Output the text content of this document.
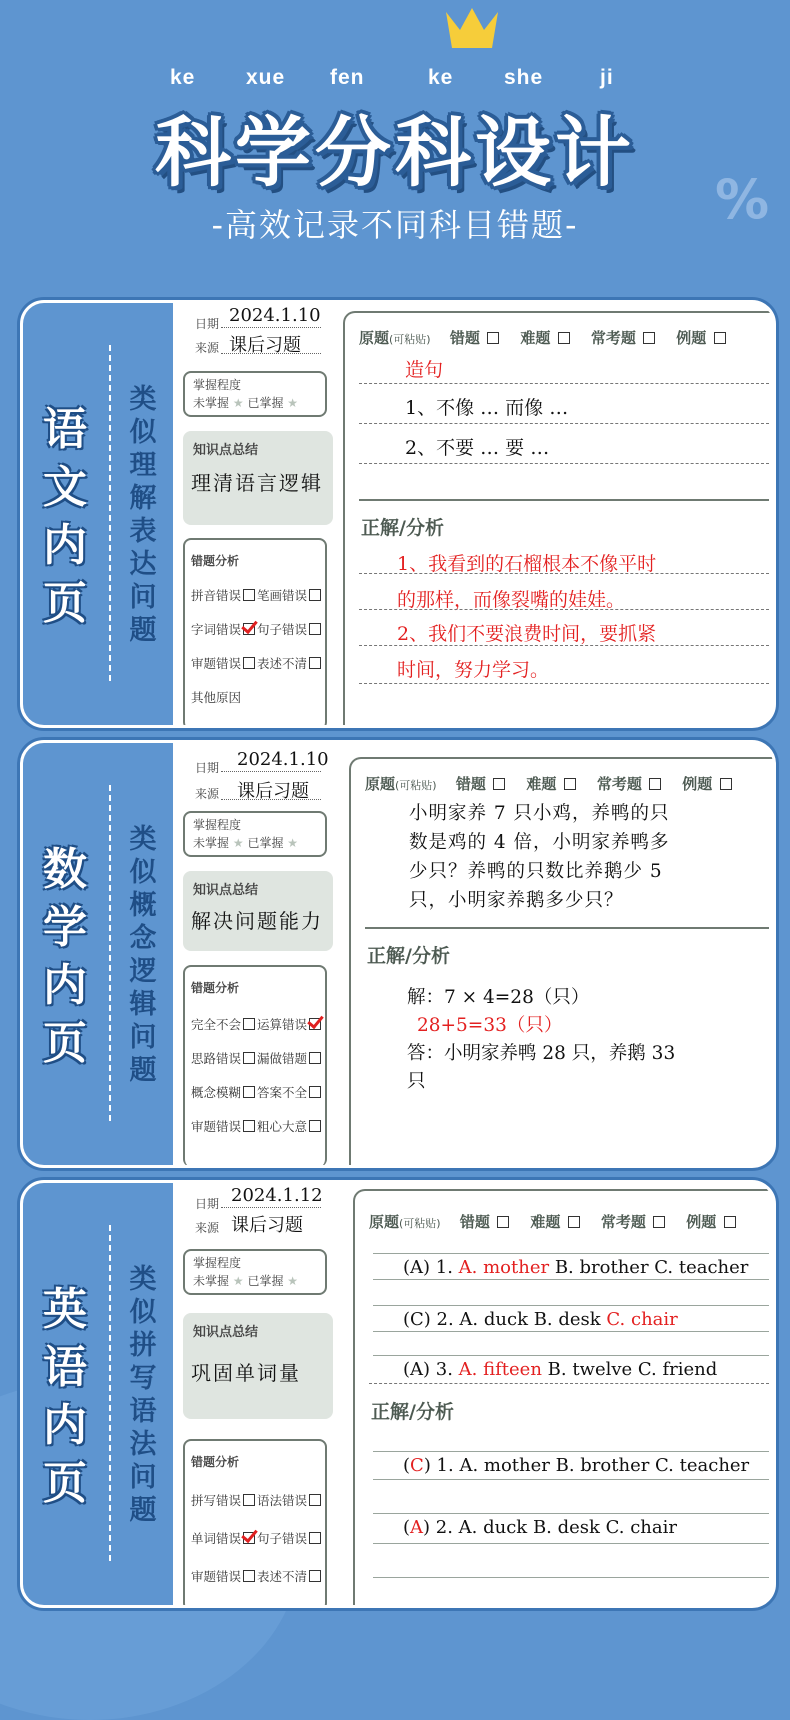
ke xue fen	ke she	ji
科学分科设计
-高效记录不同科目错题-	%
语
文
内
页
类
似
理
解
表
达
问
题
日期 2024.1.10
来源 课后习题
掌握程度
未掌握 ★ 已掌握 ★
知识点总结
理清语言逻辑
错题分析
拼音错误 笔画错误
字词错误 句子错误
审题错误 表述不清
其他原因
原题(可粘贴) 错题	难题	常考题	例题
造句
1、不像 … 而像 …
2、不要 … 要 …
正解/分析
1、我看到的石榴根本不像平时
的那样，而像裂嘴的娃娃。
2、我们不要浪费时间，要抓紧
时间，努力学习。
数
学
内
页
类
似
概
念
逻
辑
问
题
日期 2024.1.10
来源 课后习题
掌握程度
未掌握 ★ 已掌握 ★
知识点总结
解决问题能力
错题分析
完全不会 运算错误
思路错误 漏做错题
概念模糊 答案不全
审题错误 粗心大意
原题(可粘贴) 错题	难题	常考题	例题
小明家养 7 只小鸡，养鸭的只
数是鸡的 4 倍，小明家养鸭多
少只？养鸭的只数比养鹅少 5
只，小明家养鹅多少只？
正解/分析
解：7 × 4=28（只）
28+5=33（只）
答：小明家养鸭 28 只，养鹅 33
只
英
语
内
页
类
似
拼
写
语
法
问
题
日期 2024.1.12
来源 课后习题
掌握程度
未掌握 ★ 已掌握 ★
知识点总结
巩固单词量
错题分析
拼写错误 语法错误
单词错误 句子错误
审题错误 表述不清
原题(可粘贴) 错题	难题	常考题	例题
(A) 1. A. mother B. brother C. teacher
(C) 2. A. duck B. desk C. chair
(A) 3. A. fifteen B. twelve C. friend
正解/分析
(C) 1. A. mother B. brother C. teacher
(A) 2. A. duck B. desk C. chair
